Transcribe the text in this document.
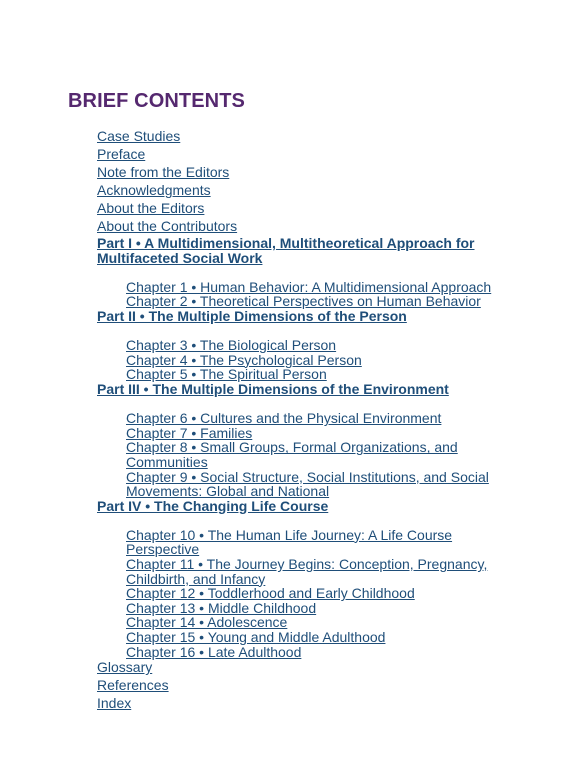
BRIEF CONTENTS
Case Studies
Preface
Note from the Editors
Acknowledgments
About the Editors
About the Contributors
Part I • A Multidimensional, Multitheoretical Approach for Multifaceted Social Work
Chapter 1 • Human Behavior: A Multidimensional Approach
Chapter 2 • Theoretical Perspectives on Human Behavior
Part II • The Multiple Dimensions of the Person
Chapter 3 • The Biological Person
Chapter 4 • The Psychological Person
Chapter 5 • The Spiritual Person
Part III • The Multiple Dimensions of the Environment
Chapter 6 • Cultures and the Physical Environment
Chapter 7 • Families
Chapter 8 • Small Groups, Formal Organizations, and Communities
Chapter 9 • Social Structure, Social Institutions, and Social Movements: Global and National
Part IV • The Changing Life Course
Chapter 10 • The Human Life Journey: A Life Course Perspective
Chapter 11 • The Journey Begins: Conception, Pregnancy, Childbirth, and Infancy
Chapter 12 • Toddlerhood and Early Childhood
Chapter 13 • Middle Childhood
Chapter 14 • Adolescence
Chapter 15 • Young and Middle Adulthood
Chapter 16 • Late Adulthood
Glossary
References
Index
